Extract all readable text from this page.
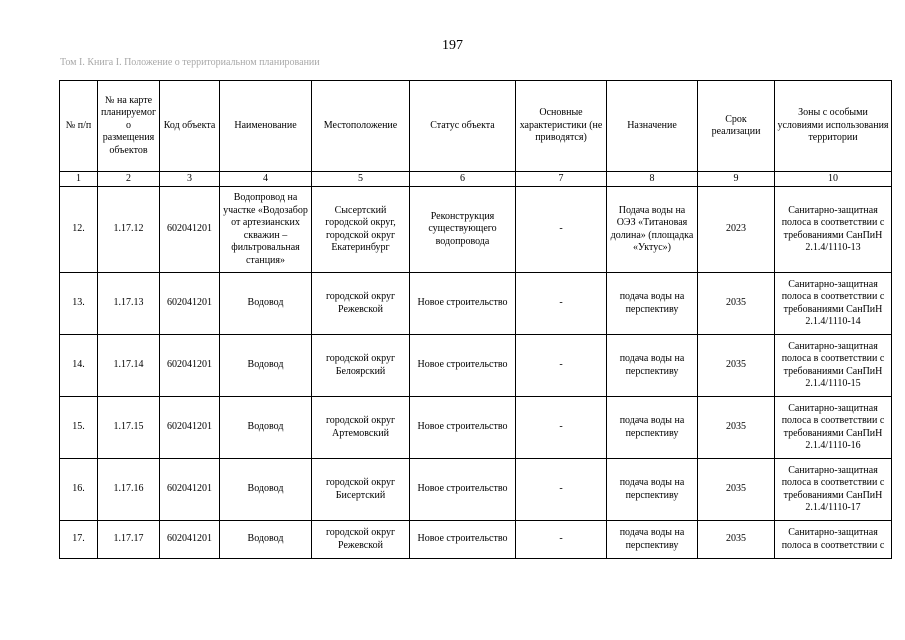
197
Том I. Книга I. Положение о территориальном планировании
№ п/п	№ на карте планируемого размещения объектов	Код объекта	Наименование	Местоположение	Статус объекта	Основные характеристики (не приводятся)	Назначение	Срок реализации	Зоны с особыми условиями использования территории
1	2	3	4	5	6	7	8	9	10
12.	1.17.12	602041201	Водопровод на участке «Водозабор от артезианских скважин – фильтровальная станция»	Сысертский городской округ, городской округ Екатеринбург	Реконструкция существующего водопровода	-	Подача воды на ОЭЗ «Титановая долина» (площадка «Уктус»)	2023	Санитарно-защитная полоса в соответствии с требованиями СанПиН 2.1.4/1110-13
13.	1.17.13	602041201	Водовод	городской округ Режевской	Новое строительство	-	подача воды на перспективу	2035	Санитарно-защитная полоса в соответствии с требованиями СанПиН 2.1.4/1110-14
14.	1.17.14	602041201	Водовод	городской округ Белоярский	Новое строительство	-	подача воды на перспективу	2035	Санитарно-защитная полоса в соответствии с требованиями СанПиН 2.1.4/1110-15
15.	1.17.15	602041201	Водовод	городской округ Артемовский	Новое строительство	-	подача воды на перспективу	2035	Санитарно-защитная полоса в соответствии с требованиями СанПиН 2.1.4/1110-16
16.	1.17.16	602041201	Водовод	городской округ Бисертский	Новое строительство	-	подача воды на перспективу	2035	Санитарно-защитная полоса в соответствии с требованиями СанПиН 2.1.4/1110-17
17.	1.17.17	602041201	Водовод	городской округ Режевской	Новое строительство	-	подача воды на перспективу	2035	Санитарно-защитная полоса в соответствии с
